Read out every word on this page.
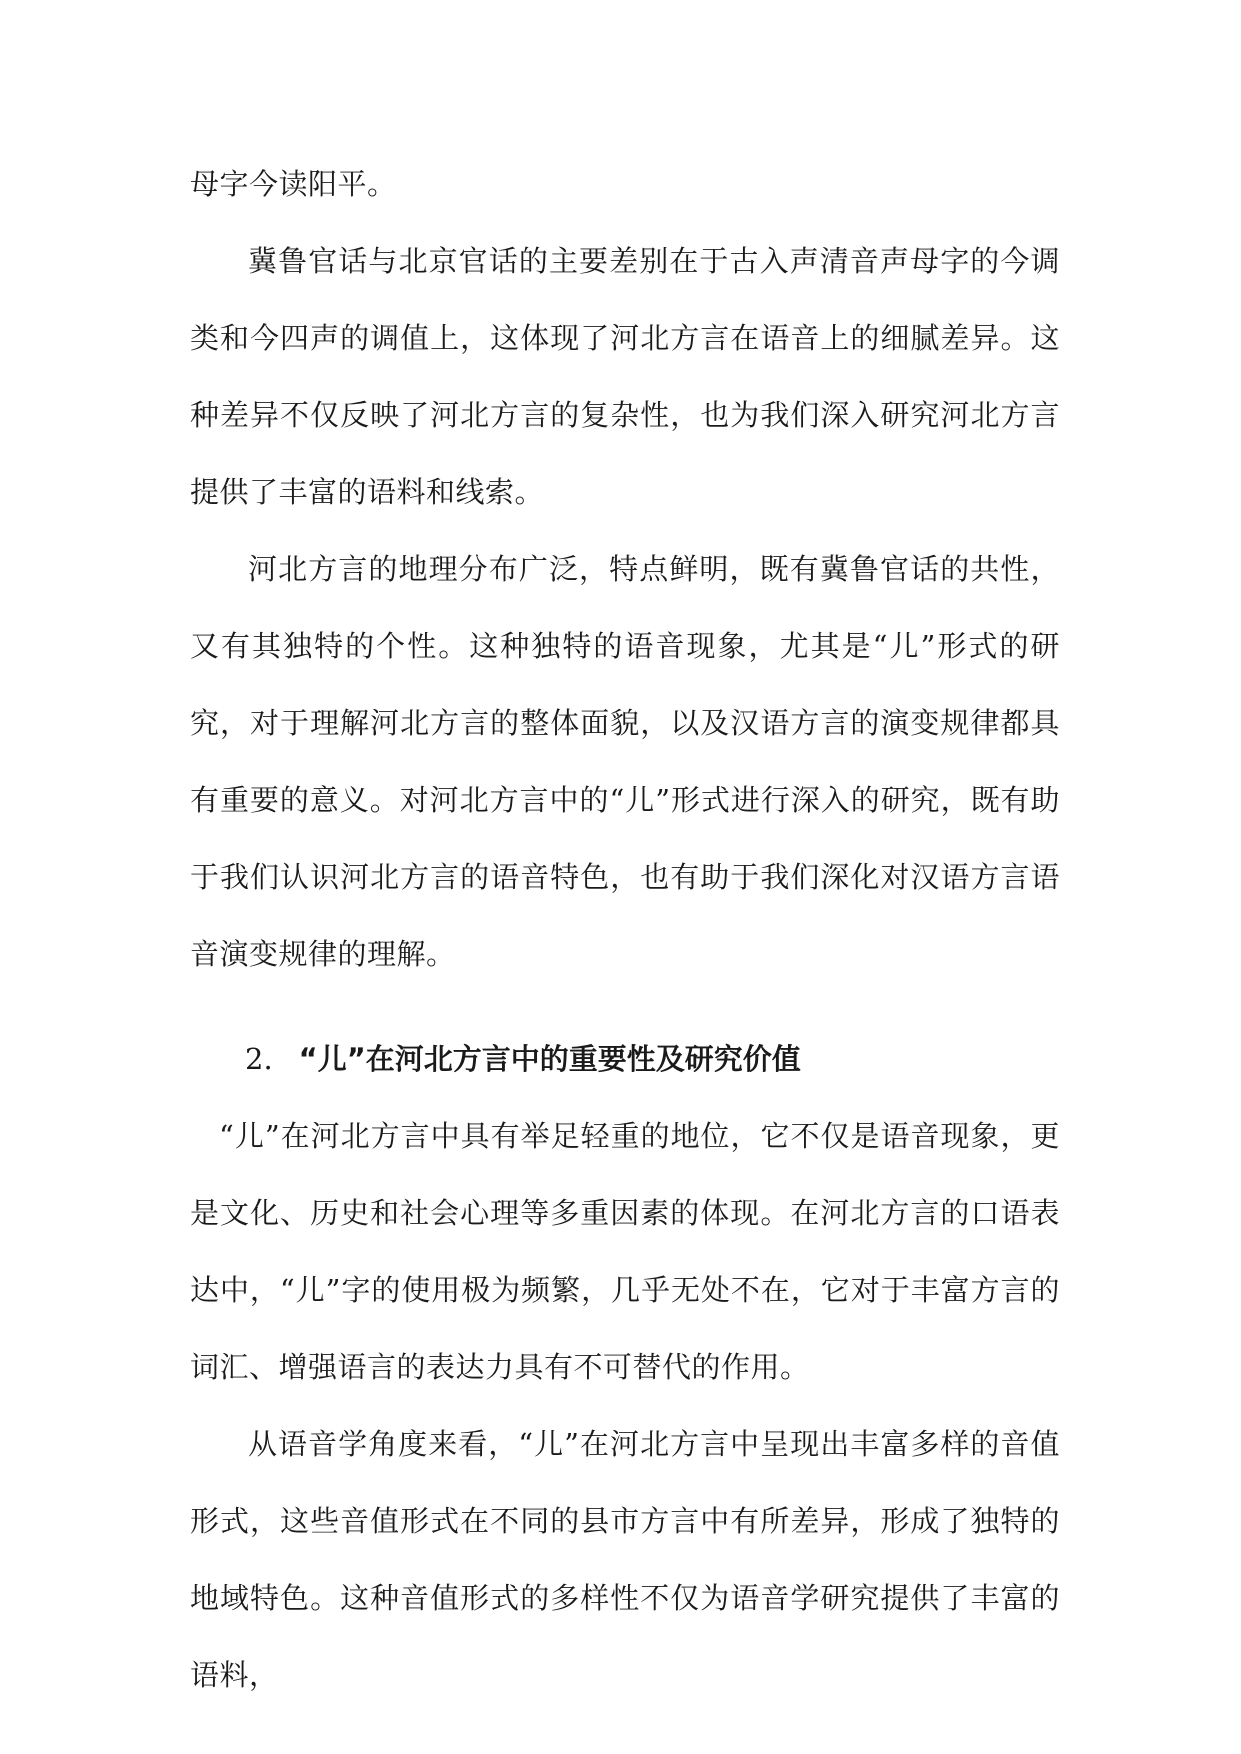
母字今读阳平。

冀鲁官话与北京官话的主要差别在于古入声清音声母字的今调类和今四声的调值上，这体现了河北方言在语音上的细腻差异。这种差异不仅反映了河北方言的复杂性，也为我们深入研究河北方言提供了丰富的语料和线索。

河北方言的地理分布广泛，特点鲜明，既有冀鲁官话的共性，又有其独特的个性。这种独特的语音现象，尤其是“儿”形式的研究，对于理解河北方言的整体面貌，以及汉语方言的演变规律都具有重要的意义。对河北方言中的“儿”形式进行深入的研究，既有助于我们认识河北方言的语音特色，也有助于我们深化对汉语方言语音演变规律的理解。

2. “儿”在河北方言中的重要性及研究价值

“儿”在河北方言中具有举足轻重的地位，它不仅是语音现象，更是文化、历史和社会心理等多重因素的体现。在河北方言的口语表达中，“儿”字的使用极为频繁，几乎无处不在，它对于丰富方言的词汇、增强语言的表达力具有不可替代的作用。

从语音学角度来看，“儿”在河北方言中呈现出丰富多样的音值形式，这些音值形式在不同的县市方言中有所差异，形成了独特的地域特色。这种音值形式的多样性不仅为语音学研究提供了丰富的语料，
